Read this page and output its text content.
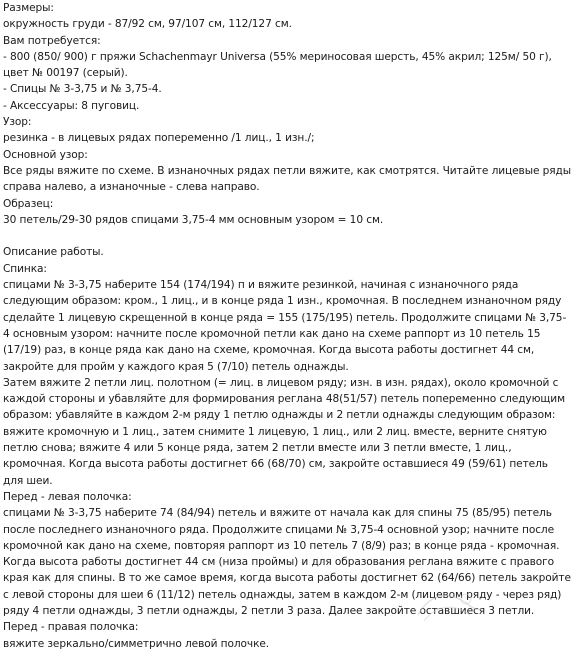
Размеры:
окружность груди - 87/92 см, 97/107 см, 112/127 см.
Вам потребуется:
- 800 (850/ 900) г пряжи Schachenmayr Universa (55% мериносовая шерсть, 45% акрил; 125м/ 50 г),
цвет № 00197 (серый).
- Спицы № 3-3,75 и № 3,75-4.
- Аксессуары: 8 пуговиц.
Узор:
резинка - в лицевых рядах попеременно /1 лиц., 1 изн./;
Основной узор:
Все ряды вяжите по схеме. В изнаночных рядах петли вяжите, как смотрятся. Читайте лицевые ряды
справа налево, а изнаночные - слева направо.
Образец:
30 петель/29-30 рядов спицами 3,75-4 мм основным узором = 10 см.
Описание работы.
Спинка:
спицами № 3-3,75 наберите 154 (174/194) п и вяжите резинкой, начиная с изнаночного ряда
следующим образом: кром., 1 лиц., и в конце ряда 1 изн., кромочная. В последнем изнаночном ряду
сделайте 1 лицевую скрещенной в конце ряда = 155 (175/195) петель. Продолжите спицами № 3,75-
4 основным узором: начните после кромочной петли как дано на схеме раппорт из 10 петель 15
(17/19) раз, в конце ряда как дано на схеме, кромочная. Когда высота работы достигнет 44 см,
закройте для пройм у каждого края 5 (7/10) петель однажды.
Затем вяжите 2 петли лиц. полотном (= лиц. в лицевом ряду; изн. в изн. рядах), около кромочной с
каждой стороны и убавляйте для формирования реглана 48(51/57) петель попеременно следующим
образом: убавляйте в каждом 2-м ряду 1 петлю однажды и 2 петли однажды следующим образом:
вяжите кромочную и 1 лиц., затем снимите 1 лицевую, 1 лиц., или 2 лиц. вместе, верните снятую
петлю снова; вяжите 4 или 5 конце ряда, затем 2 петли вместе или 3 петли вместе, 1 лиц.,
кромочная. Когда высота работы достигнет 66 (68/70) см, закройте оставшиеся 49 (59/61) петель
для шеи.
Перед - левая полочка:
спицами № 3-3,75 наберите 74 (84/94) петель и вяжите от начала как для спины 75 (85/95) петель
после последнего изнаночного ряда. Продолжите спицами № 3,75-4 основной узор; начните после
кромочной как дано на схеме, повторяя раппорт из 10 петель 7 (8/9) раз; в конце ряда - кромочная.
Когда высота работы достигнет 44 см (низа проймы) и для образования реглана вяжите с правого
края как для спины. В то же самое время, когда высота работы достигнет 62 (64/66) петель закройте
с левой стороны для шеи 6 (11/12) петель однажды, затем в каждом 2-м (лицевом ряду - через ряд)
ряду 4 петли однажды, 3 петли однажды, 2 петли 3 раза. Далее закройте оставшиеся 3 петли.
Перед - правая полочка:
вяжите зеркально/симметрично левой полочке.
